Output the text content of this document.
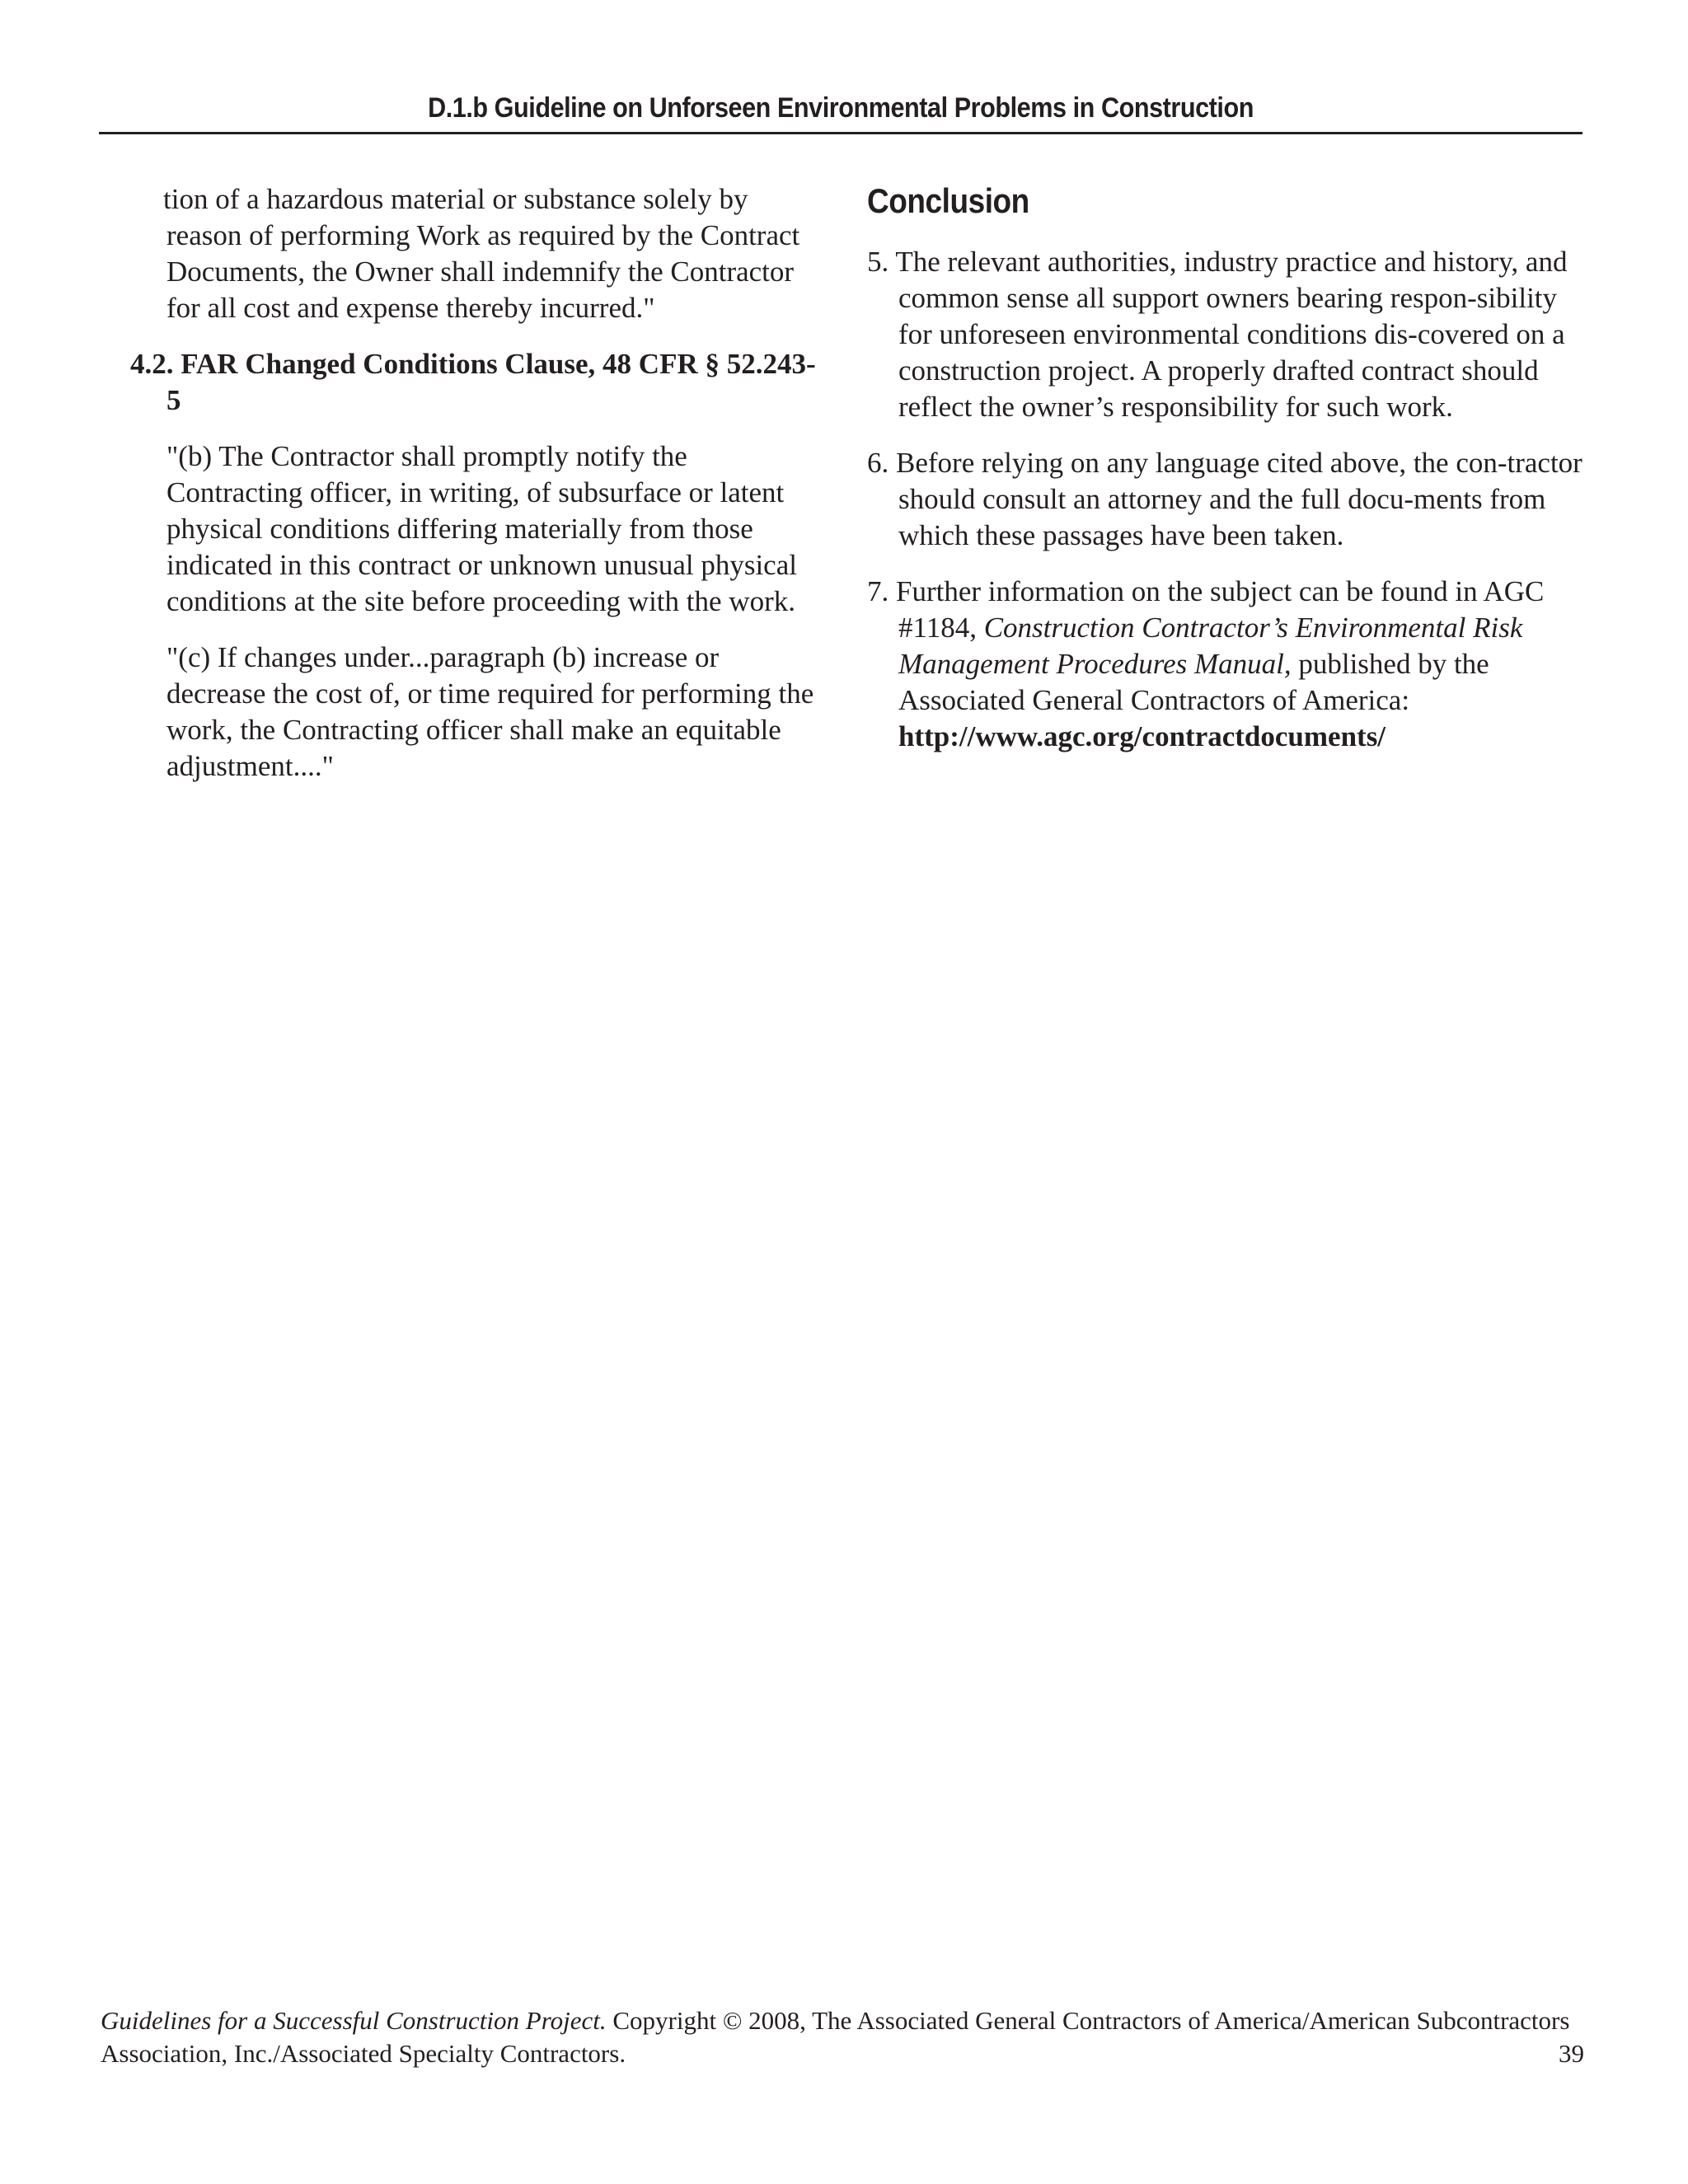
D.1.b Guideline on Unforseen Environmental Problems in Construction

tion of a hazardous material or substance solely by reason of performing Work as required by the Contract Documents, the Owner shall indemnify the Contractor for all cost and expense thereby incurred."

4.2. FAR Changed Conditions Clause, 48 CFR § 52.243-5

"(b) The Contractor shall promptly notify the Contracting officer, in writing, of subsurface or latent physical conditions differing materially from those indicated in this contract or unknown unusual physical conditions at the site before proceeding with the work.

"(c) If changes under...paragraph (b) increase or decrease the cost of, or time required for performing the work, the Contracting officer shall make an equitable adjustment...."

Conclusion

5. The relevant authorities, industry practice and history, and common sense all support owners bearing respon-sibility for unforeseen environmental conditions dis-covered on a construction project. A properly drafted contract should reflect the owner’s responsibility for such work.

6. Before relying on any language cited above, the con-tractor should consult an attorney and the full docu-ments from which these passages have been taken.

7. Further information on the subject can be found in AGC #1184, Construction Contractor’s Environmental Risk Management Procedures Manual, published by the Associated General Contractors of America: http://www.agc.org/contractdocuments/

Guidelines for a Successful Construction Project. Copyright © 2008, The Associated General Contractors of America/American Subcontractors Association, Inc./Associated Specialty Contractors.	39
